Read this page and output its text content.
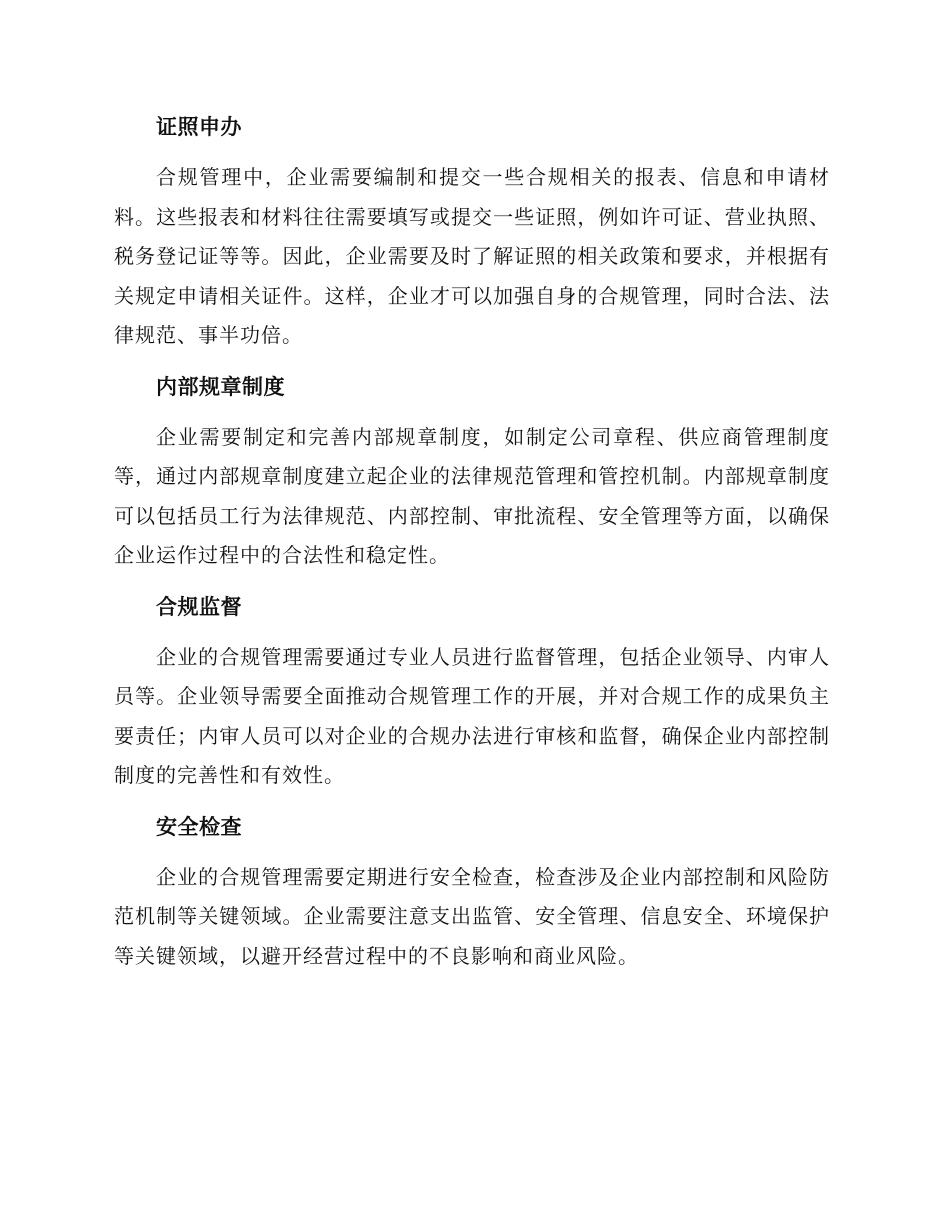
证照申办

合规管理中，企业需要编制和提交一些合规相关的报表、信息和申请材料。这些报表和材料往往需要填写或提交一些证照，例如许可证、营业执照、税务登记证等等。因此，企业需要及时了解证照的相关政策和要求，并根据有关规定申请相关证件。这样，企业才可以加强自身的合规管理，同时合法、法律规范、事半功倍。

内部规章制度

企业需要制定和完善内部规章制度，如制定公司章程、供应商管理制度等，通过内部规章制度建立起企业的法律规范管理和管控机制。内部规章制度可以包括员工行为法律规范、内部控制、审批流程、安全管理等方面，以确保企业运作过程中的合法性和稳定性。

合规监督

企业的合规管理需要通过专业人员进行监督管理，包括企业领导、内审人员等。企业领导需要全面推动合规管理工作的开展，并对合规工作的成果负主要责任；内审人员可以对企业的合规办法进行审核和监督，确保企业内部控制制度的完善性和有效性。

安全检查

企业的合规管理需要定期进行安全检查，检查涉及企业内部控制和风险防范机制等关键领域。企业需要注意支出监管、安全管理、信息安全、环境保护等关键领域，以避开经营过程中的不良影响和商业风险。
